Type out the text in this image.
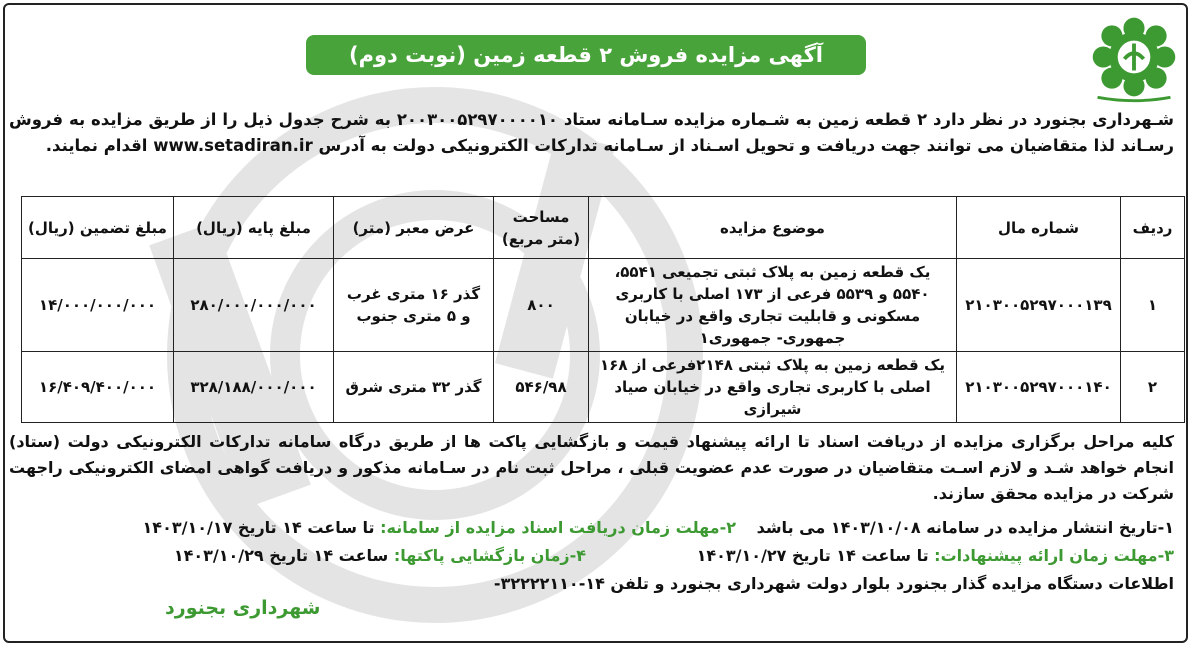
آگهی مزایده فروش ۲ قطعه زمین (نوبت دوم)
شـهرداری بجنورد در نظر دارد ۲ قطعه زمین به شـماره مزایده سـامانه ستاد ۲۰۰۳۰۰۵۲۹۷۰۰۰۰۱۰ به شرح جدول ذیل را از طریق مزایده به فروش رسـاند لذا متقاضیان می توانند جهت دریافت و تحویل اسـناد از سـامانه تدارکات الکترونیکی دولت به آدرس www.setadiran.ir اقدام نمایند.
ردیف	شماره مال	موضوع مزایده	مساحت (متر مربع)	عرض معبر (متر)	مبلغ پایه (ریال)	مبلغ تضمین (ریال)
۱	۲۱۰۳۰۰۵۲۹۷۰۰۰۱۳۹	یک قطعه زمین به پلاک ثبتی تجمیعی ۵۵۴۱، ۵۵۴۰ و ۵۵۳۹ فرعی از ۱۷۳ اصلی با کاربری مسکونی و قابلیت تجاری واقع در خیابان جمهوری- جمهوری۱	۸۰۰	گذر ۱۶ متری غرب و ۵ متری جنوب	۲۸۰/۰۰۰/۰۰۰/۰۰۰	۱۴/۰۰۰/۰۰۰/۰۰۰
۲	۲۱۰۳۰۰۵۲۹۷۰۰۰۱۴۰	یک قطعه زمین به پلاک ثبتی ۲۱۴۸فرعی از ۱۶۸ اصلی با کاربری تجاری واقع در خیابان صیاد شیرازی	۵۴۶/۹۸	گذر ۳۲ متری شرق	۳۲۸/۱۸۸/۰۰۰/۰۰۰	۱۶/۴۰۹/۴۰۰/۰۰۰
کلیه مراحل برگزاری مزایده از دریافت اسناد تا ارائه پیشنهاد قیمت و بازگشایی پاکت ها از طریق درگاه سامانه تدارکات الکترونیکی دولت (ستاد) انجام خواهد شـد و لازم اسـت متقاضیان در صورت عدم عضویت قبلی ، مراحل ثبت نام در سـامانه مذکور و دریافت گواهی امضای الکترونیکی راجهت شرکت در مزایده محقق سازند.
۱-تاریخ انتشار مزایده در سامانه ۱۴۰۳/۱۰/۰۸ می باشد
۲-مهلت زمان دریافت اسناد مزایده از سامانه: تا ساعت ۱۴ تاریخ ۱۴۰۳/۱۰/۱۷
۳-مهلت زمان ارائه پیشنهادات: تا ساعت ۱۴ تاریخ ۱۴۰۳/۱۰/۲۷
۴-زمان بازگشایی پاکتها: ساعت ۱۴ تاریخ ۱۴۰۳/۱۰/۲۹
اطلاعات دستگاه مزایده گذار بجنورد بلوار دولت شهرداری بجنورد و تلفن ۱۴-۳۲۲۲۲۱۱۰-
شهرداری بجنورد
